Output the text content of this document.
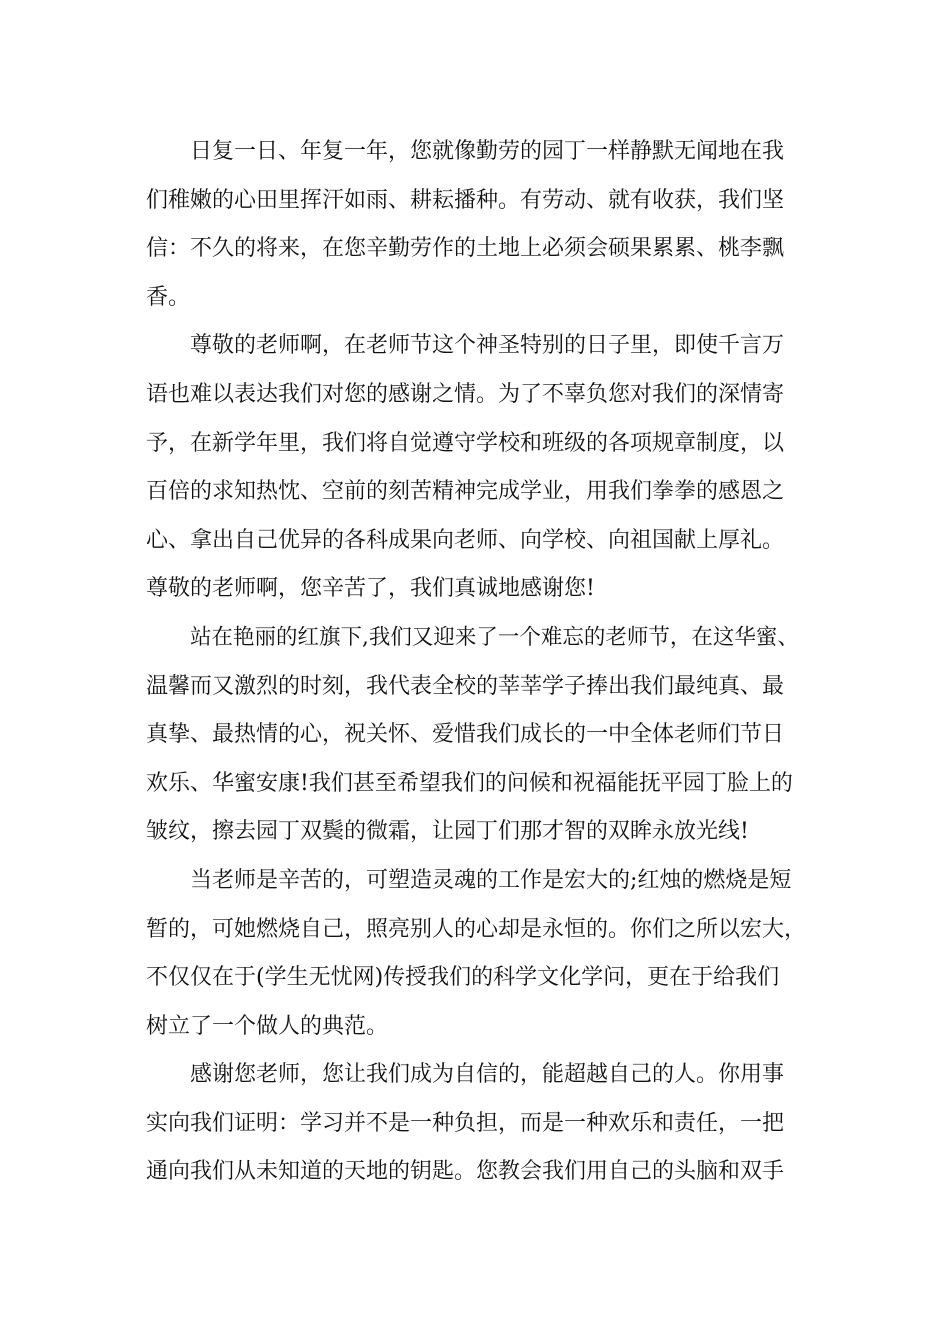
日复一日、年复一年，您就像勤劳的园丁一样静默无闻地在我
们稚嫩的心田里挥汗如雨、耕耘播种。有劳动、就有收获，我们坚
信：不久的将来，在您辛勤劳作的土地上必须会硕果累累、桃李飘
香。
尊敬的老师啊，在老师节这个神圣特别的日子里，即使千言万
语也难以表达我们对您的感谢之情。为了不辜负您对我们的深情寄
予，在新学年里，我们将自觉遵守学校和班级的各项规章制度，以
百倍的求知热忱、空前的刻苦精神完成学业，用我们拳拳的感恩之
心、拿出自己优异的各科成果向老师、向学校、向祖国献上厚礼。
尊敬的老师啊，您辛苦了，我们真诚地感谢您!
站在艳丽的红旗下,我们又迎来了一个难忘的老师节，在这华蜜、
温馨而又激烈的时刻，我代表全校的莘莘学子捧出我们最纯真、最
真挚、最热情的心，祝关怀、爱惜我们成长的一中全体老师们节日
欢乐、华蜜安康!我们甚至希望我们的问候和祝福能抚平园丁脸上的
皱纹，擦去园丁双鬓的微霜，让园丁们那才智的双眸永放光线!
当老师是辛苦的，可塑造灵魂的工作是宏大的;红烛的燃烧是短
暂的，可她燃烧自己，照亮别人的心却是永恒的。你们之所以宏大，
不仅仅在于(学生无忧网)传授我们的科学文化学问，更在于给我们
树立了一个做人的典范。
感谢您老师，您让我们成为自信的，能超越自己的人。你用事
实向我们证明：学习并不是一种负担，而是一种欢乐和责任，一把
通向我们从未知道的天地的钥匙。您教会我们用自己的头脑和双手
